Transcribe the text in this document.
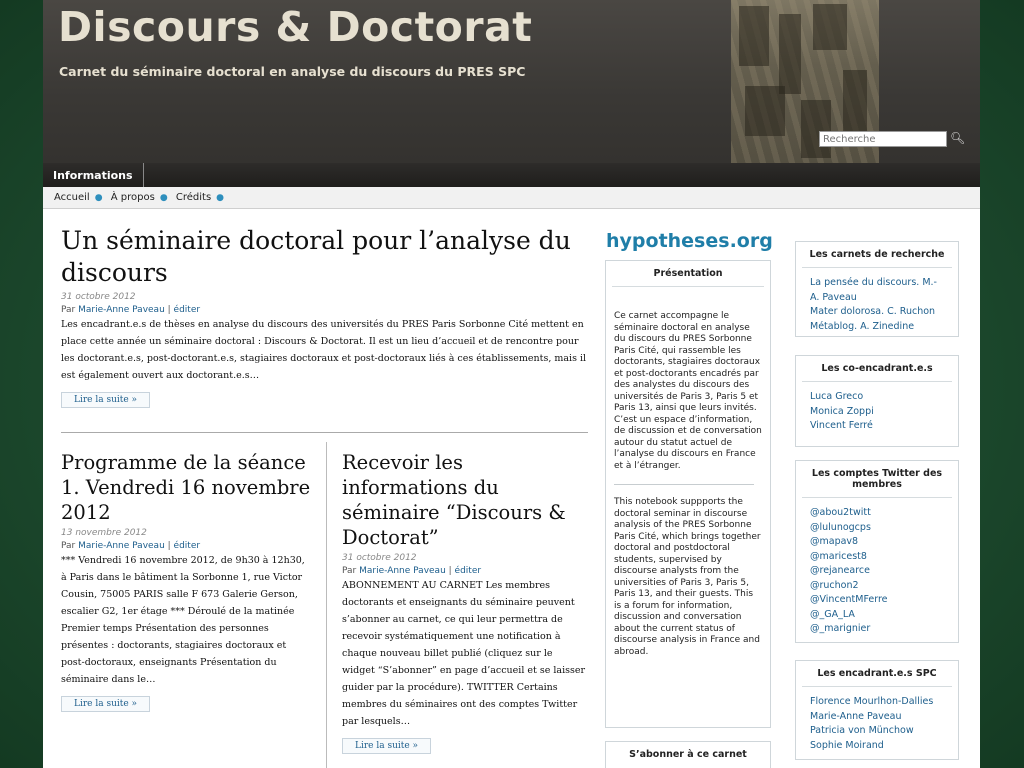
Discours & Doctorat
Carnet du séminaire doctoral en analyse du discours du PRES SPC
Recherche
🔍︎
Informations
Accueil ● À propos ● Crédits ●
Un séminaire doctoral pour l’analyse du discours
31 octobre 2012
Par Marie-Anne Paveau | éditer
Les encadrant.e.s de thèses en analyse du discours des universités du PRES Paris Sorbonne Cité mettent en place cette année un séminaire doctoral : Discours & Doctorat. Il est un lieu d’accueil et de rencontre pour les doctorant.e.s, post-doctorant.e.s, stagiaires doctoraux et post-doctoraux liés à ces établissements, mais il est également ouvert aux doctorant.e.s…
Lire la suite »
Programme de la séance 1. Vendredi 16 novembre 2012
13 novembre 2012
Par Marie-Anne Paveau | éditer
*** Vendredi 16 novembre 2012, de 9h30 à 12h30, à Paris dans le bâtiment la Sorbonne 1, rue Victor Cousin, 75005 PARIS salle F 673 Galerie Gerson, escalier G2, 1er étage *** Déroulé de la matinée Premier temps Présentation des personnes présentes : doctorants, stagiaires doctoraux et post-doctoraux, enseignants Présentation du séminaire dans le…
Lire la suite »
Recevoir les informations du séminaire “Discours & Doctorat”
31 octobre 2012
Par Marie-Anne Paveau | éditer
ABONNEMENT AU CARNET Les membres doctorants et enseignants du séminaire peuvent s’abonner au carnet, ce qui leur permettra de recevoir systématiquement une notification à chaque nouveau billet publié (cliquez sur le widget “S’abonner” en page d’accueil et se laisser guider par la procédure). TWITTER Certains membres du séminaires ont des comptes Twitter par lesquels…
Lire la suite »
hypotheses.org
Présentation
Ce carnet accompagne le séminaire doctoral en analyse du discours du PRES Sorbonne Paris Cité, qui rassemble les doctorants, stagiaires doctoraux et post-doctorants encadrés par des analystes du discours des universités de Paris 3, Paris 5 et Paris 13, ainsi que leurs invités. C’est un espace d’information, de discussion et de conversation autour du statut actuel de l’analyse du discours en France et à l’étranger.
This notebook suppports the doctoral seminar in discourse analysis of the PRES Sorbonne Paris Cité, which brings together doctoral and postdoctoral students, supervised by discourse analysts from the universities of Paris 3, Paris 5, Paris 13, and their guests. This is a forum for information, discussion and conversation about the current status of discourse analysis in France and abroad.
S’abonner à ce carnet
Les carnets de recherche
La pensée du discours. M.-A. Paveau
Mater dolorosa. C. Ruchon
Métablog. A. Zinedine
Les co-encadrant.e.s
Luca Greco
Monica Zoppi
Vincent Ferré
Les comptes Twitter des membres
@abou2twitt
@lulunogcps
@mapav8
@maricest8
@rejanearce
@ruchon2
@VincentMFerre
@_GA_LA
@_marignier
Les encadrant.e.s SPC
Florence Mourlhon-Dallies
Marie-Anne Paveau
Patricia von Münchow
Sophie Moirand
